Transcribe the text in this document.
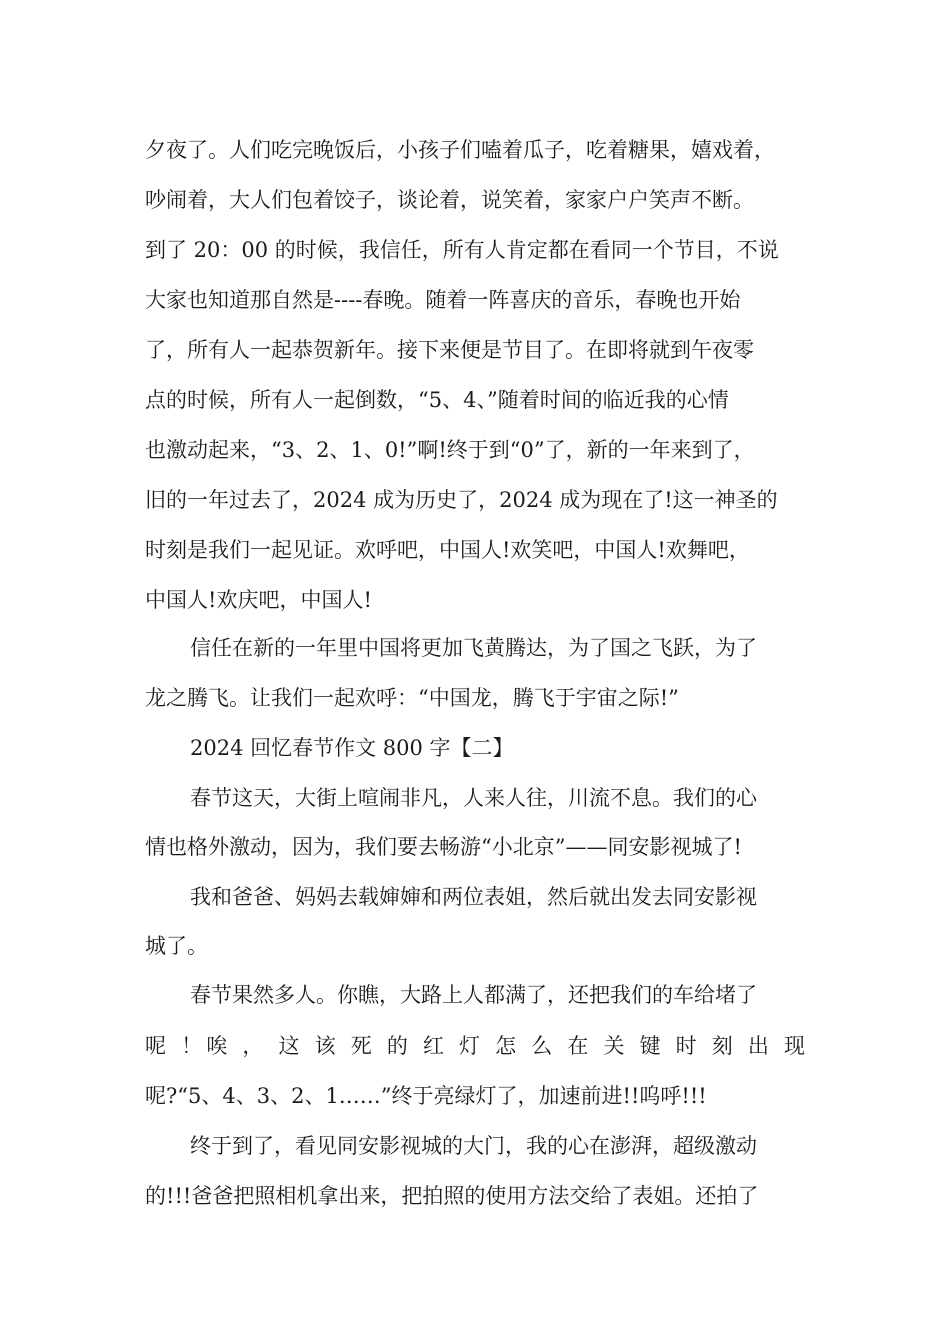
夕夜了。人们吃完晚饭后，小孩子们嗑着瓜子，吃着糖果，嬉戏着，
吵闹着，大人们包着饺子，谈论着，说笑着，家家户户笑声不断。
到了 20：00 的时候，我信任，所有人肯定都在看同一个节目，不说
大家也知道那自然是----春晚。随着一阵喜庆的音乐，春晚也开始
了，所有人一起恭贺新年。接下来便是节目了。在即将就到午夜零
点的时候，所有人一起倒数，“5、4、”随着时间的临近我的心情
也激动起来，“3、2、1、0!”啊!终于到“0”了，新的一年来到了，
旧的一年过去了，2024 成为历史了，2024 成为现在了!这一神圣的
时刻是我们一起见证。欢呼吧，中国人!欢笑吧，中国人!欢舞吧，
中国人!欢庆吧，中国人!
信任在新的一年里中国将更加飞黄腾达，为了国之飞跃，为了
龙之腾飞。让我们一起欢呼：“中国龙，腾飞于宇宙之际!”
2024 回忆春节作文 800 字【二】
春节这天，大街上喧闹非凡，人来人往，川流不息。我们的心
情也格外激动，因为，我们要去畅游“小北京”——同安影视城了!
我和爸爸、妈妈去载婶婶和两位表姐，然后就出发去同安影视
城了。
春节果然多人。你瞧，大路上人都满了，还把我们的车给堵了
呢 ！唉 ， 这 该 死 的 红 灯 怎 么 在 关 键 时 刻 出 现
呢?“5、4、3、2、1……”终于亮绿灯了，加速前进!!呜呼!!!
终于到了，看见同安影视城的大门，我的心在澎湃，超级激动
的!!!爸爸把照相机拿出来，把拍照的使用方法交给了表姐。还拍了
